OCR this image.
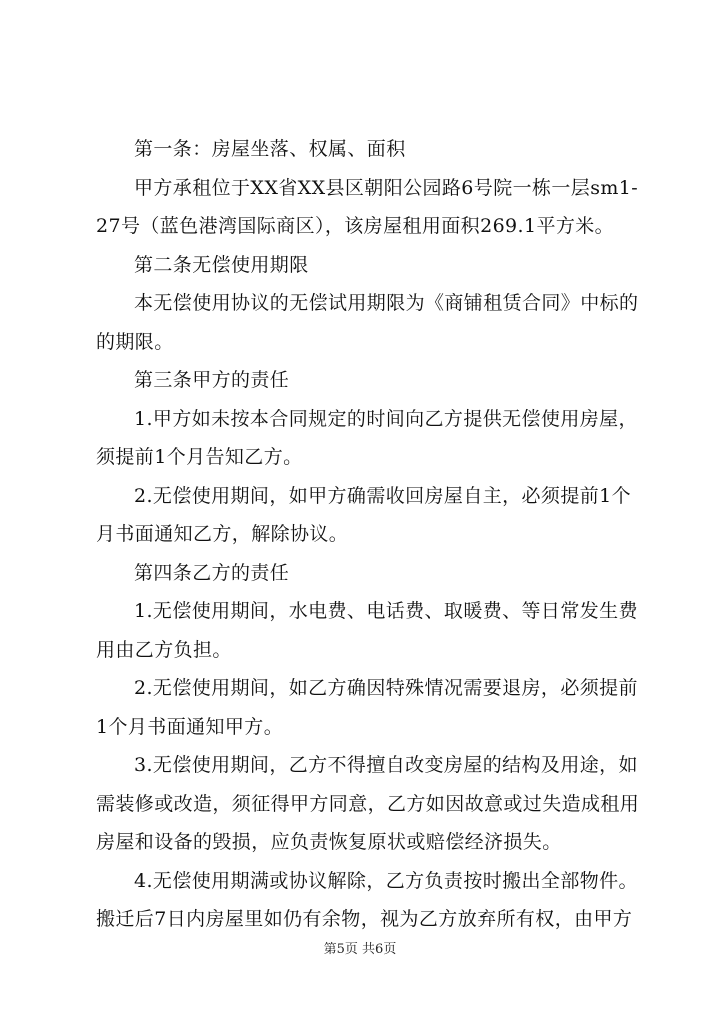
第一条：房屋坐落、权属、面积
甲方承租位于XX省XX县区朝阳公园路6号院一栋一层sm1-
27号（蓝色港湾国际商区），该房屋租用面积269.1平方米。
第二条无偿使用期限
本无偿使用协议的无偿试用期限为《商铺租赁合同》中标的
的期限。
第三条甲方的责任
1.甲方如未按本合同规定的时间向乙方提供无偿使用房屋，
须提前1个月告知乙方。
2.无偿使用期间，如甲方确需收回房屋自主，必须提前1个
月书面通知乙方，解除协议。
第四条乙方的责任
1.无偿使用期间，水电费、电话费、取暖费、等日常发生费
用由乙方负担。
2.无偿使用期间，如乙方确因特殊情况需要退房，必须提前
1个月书面通知甲方。
3.无偿使用期间，乙方不得擅自改变房屋的结构及用途，如
需装修或改造，须征得甲方同意，乙方如因故意或过失造成租用
房屋和设备的毁损，应负责恢复原状或赔偿经济损失。
4.无偿使用期满或协议解除，乙方负责按时搬出全部物件。
搬迁后7日内房屋里如仍有余物，视为乙方放弃所有权，由甲方
第5页 共6页
